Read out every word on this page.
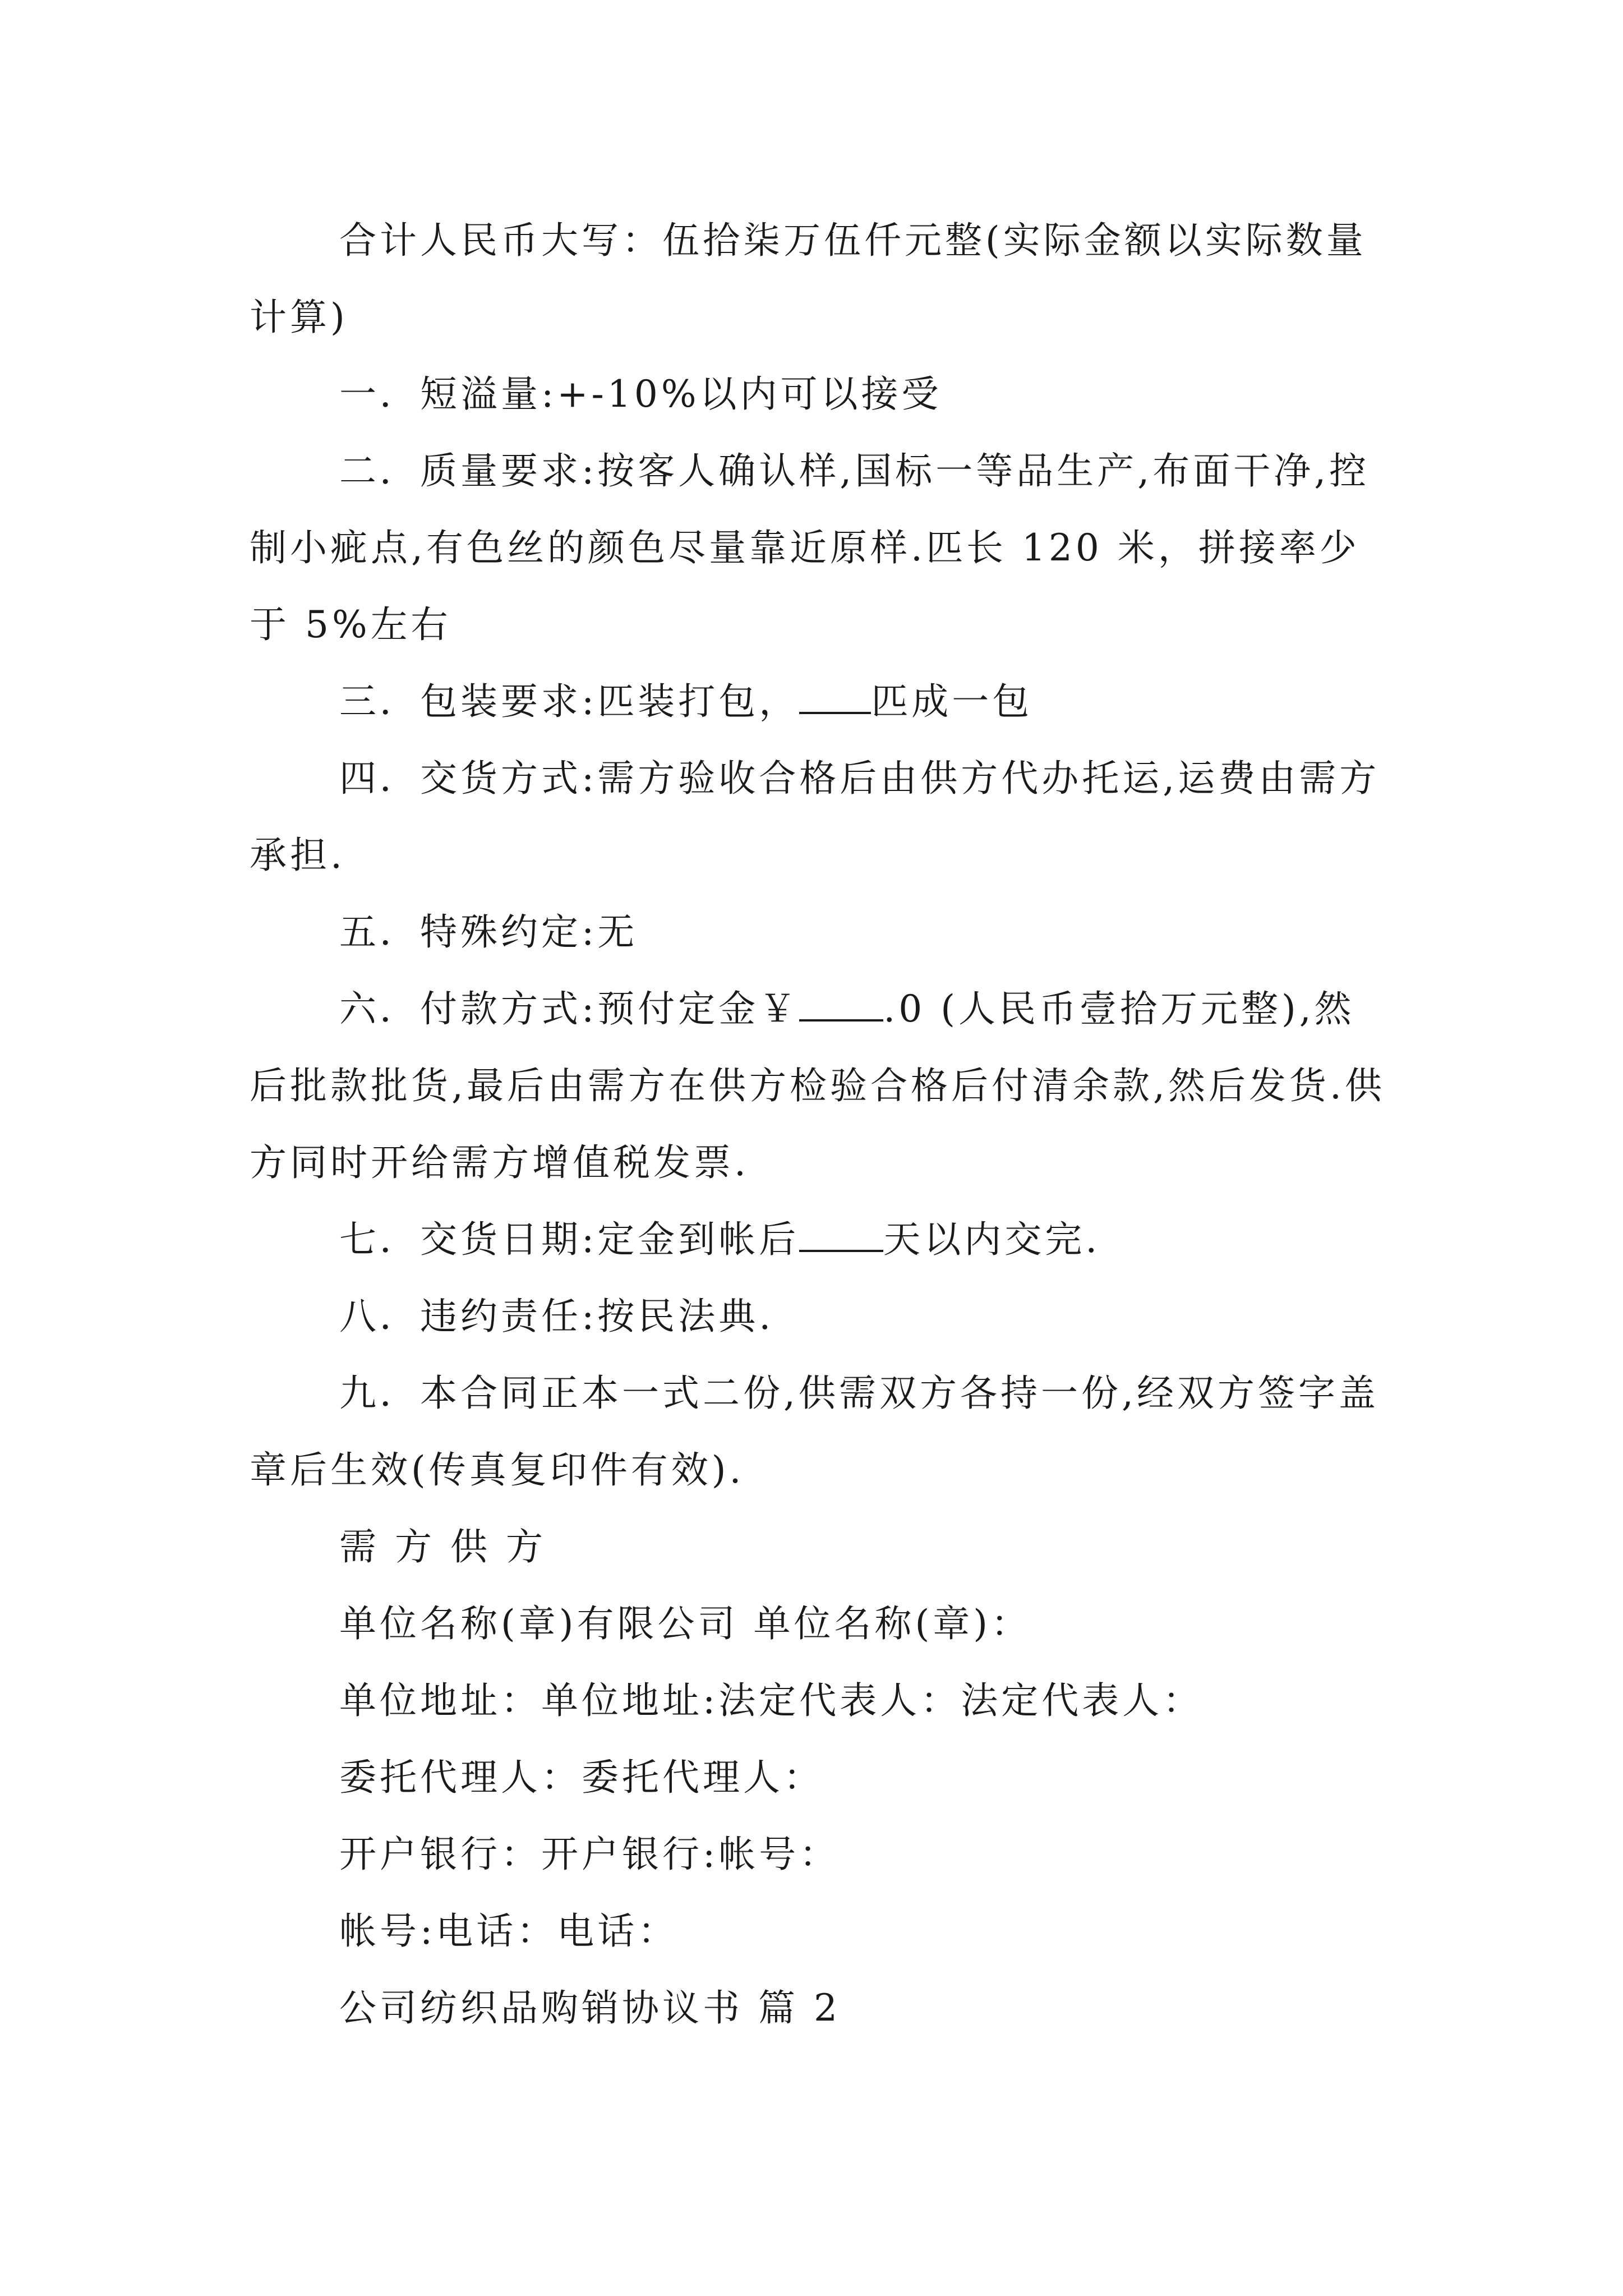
合计人民币大写：伍拾柒万伍仟元整(实际金额以实际数量计算)

一．短溢量:+-10%以内可以接受

二．质量要求:按客人确认样,国标一等品生产,布面干净,控制小疵点,有色丝的颜色尽量靠近原样.匹长 120 米，拼接率少于 5%左右

三．包装要求:匹装打包， 匹成一包

四．交货方式:需方验收合格后由供方代办托运,运费由需方承担.

五．特殊约定:无

六．付款方式:预付定金￥ .0 (人民币壹拾万元整),然后批款批货,最后由需方在供方检验合格后付清余款,然后发货.供方同时开给需方增值税发票.

七．交货日期:定金到帐后 天以内交完.

八．违约责任:按民法典.

九．本合同正本一式二份,供需双方各持一份,经双方签字盖章后生效(传真复印件有效).

需 方 供 方

单位名称(章)有限公司 单位名称(章)：

单位地址：单位地址:法定代表人：法定代表人：

委托代理人：委托代理人：

开户银行：开户银行:帐号：

帐号:电话：电话：

公司纺织品购销协议书 篇 2
